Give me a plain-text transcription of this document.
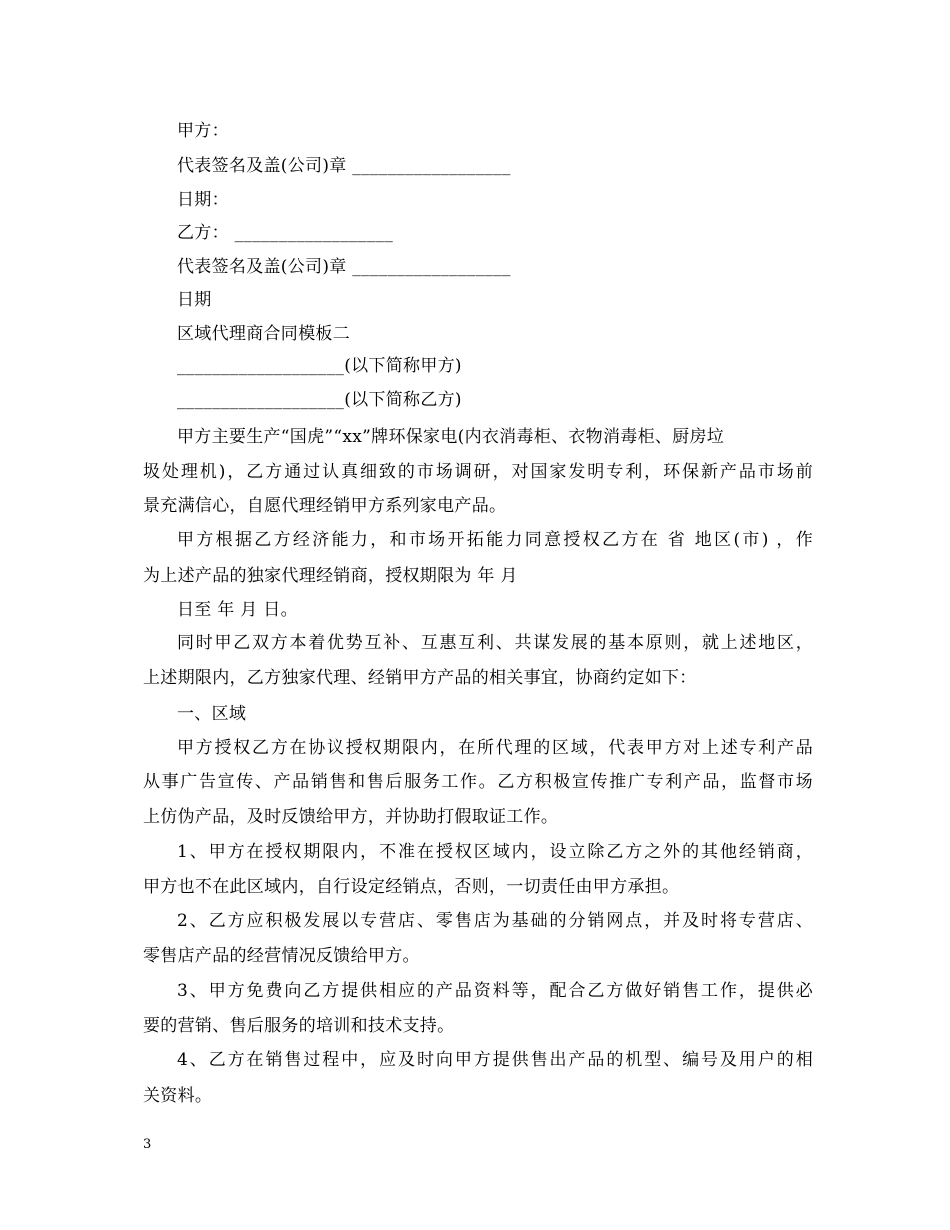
甲方：
代表签名及盖(公司)章 __________________
日期：
乙方： __________________
代表签名及盖(公司)章 __________________
日期
区域代理商合同模板二
___________________(以下简称甲方)
___________________(以下简称乙方)
甲方主要生产“国虎”“xx”牌环保家电(内衣消毒柜、衣物消毒柜、厨房垃
圾处理机)，乙方通过认真细致的市场调研，对国家发明专利，环保新产品市场前
景充满信心，自愿代理经销甲方系列家电产品。
甲方根据乙方经济能力，和市场开拓能力同意授权乙方在 省 地区(市) ，作
为上述产品的独家代理经销商，授权期限为 年 月
日至 年 月 日。
同时甲乙双方本着优势互补、互惠互利、共谋发展的基本原则，就上述地区，
上述期限内，乙方独家代理、经销甲方产品的相关事宜，协商约定如下：
一、区域
甲方授权乙方在协议授权期限内，在所代理的区域，代表甲方对上述专利产品
从事广告宣传、产品销售和售后服务工作。乙方积极宣传推广专利产品，监督市场
上仿伪产品，及时反馈给甲方，并协助打假取证工作。
1、甲方在授权期限内，不准在授权区域内，设立除乙方之外的其他经销商，
甲方也不在此区域内，自行设定经销点，否则，一切责任由甲方承担。
2、乙方应积极发展以专营店、零售店为基础的分销网点，并及时将专营店、
零售店产品的经营情况反馈给甲方。
3、甲方免费向乙方提供相应的产品资料等，配合乙方做好销售工作，提供必
要的营销、售后服务的培训和技术支持。
4、乙方在销售过程中，应及时向甲方提供售出产品的机型、编号及用户的相
关资料。
3
